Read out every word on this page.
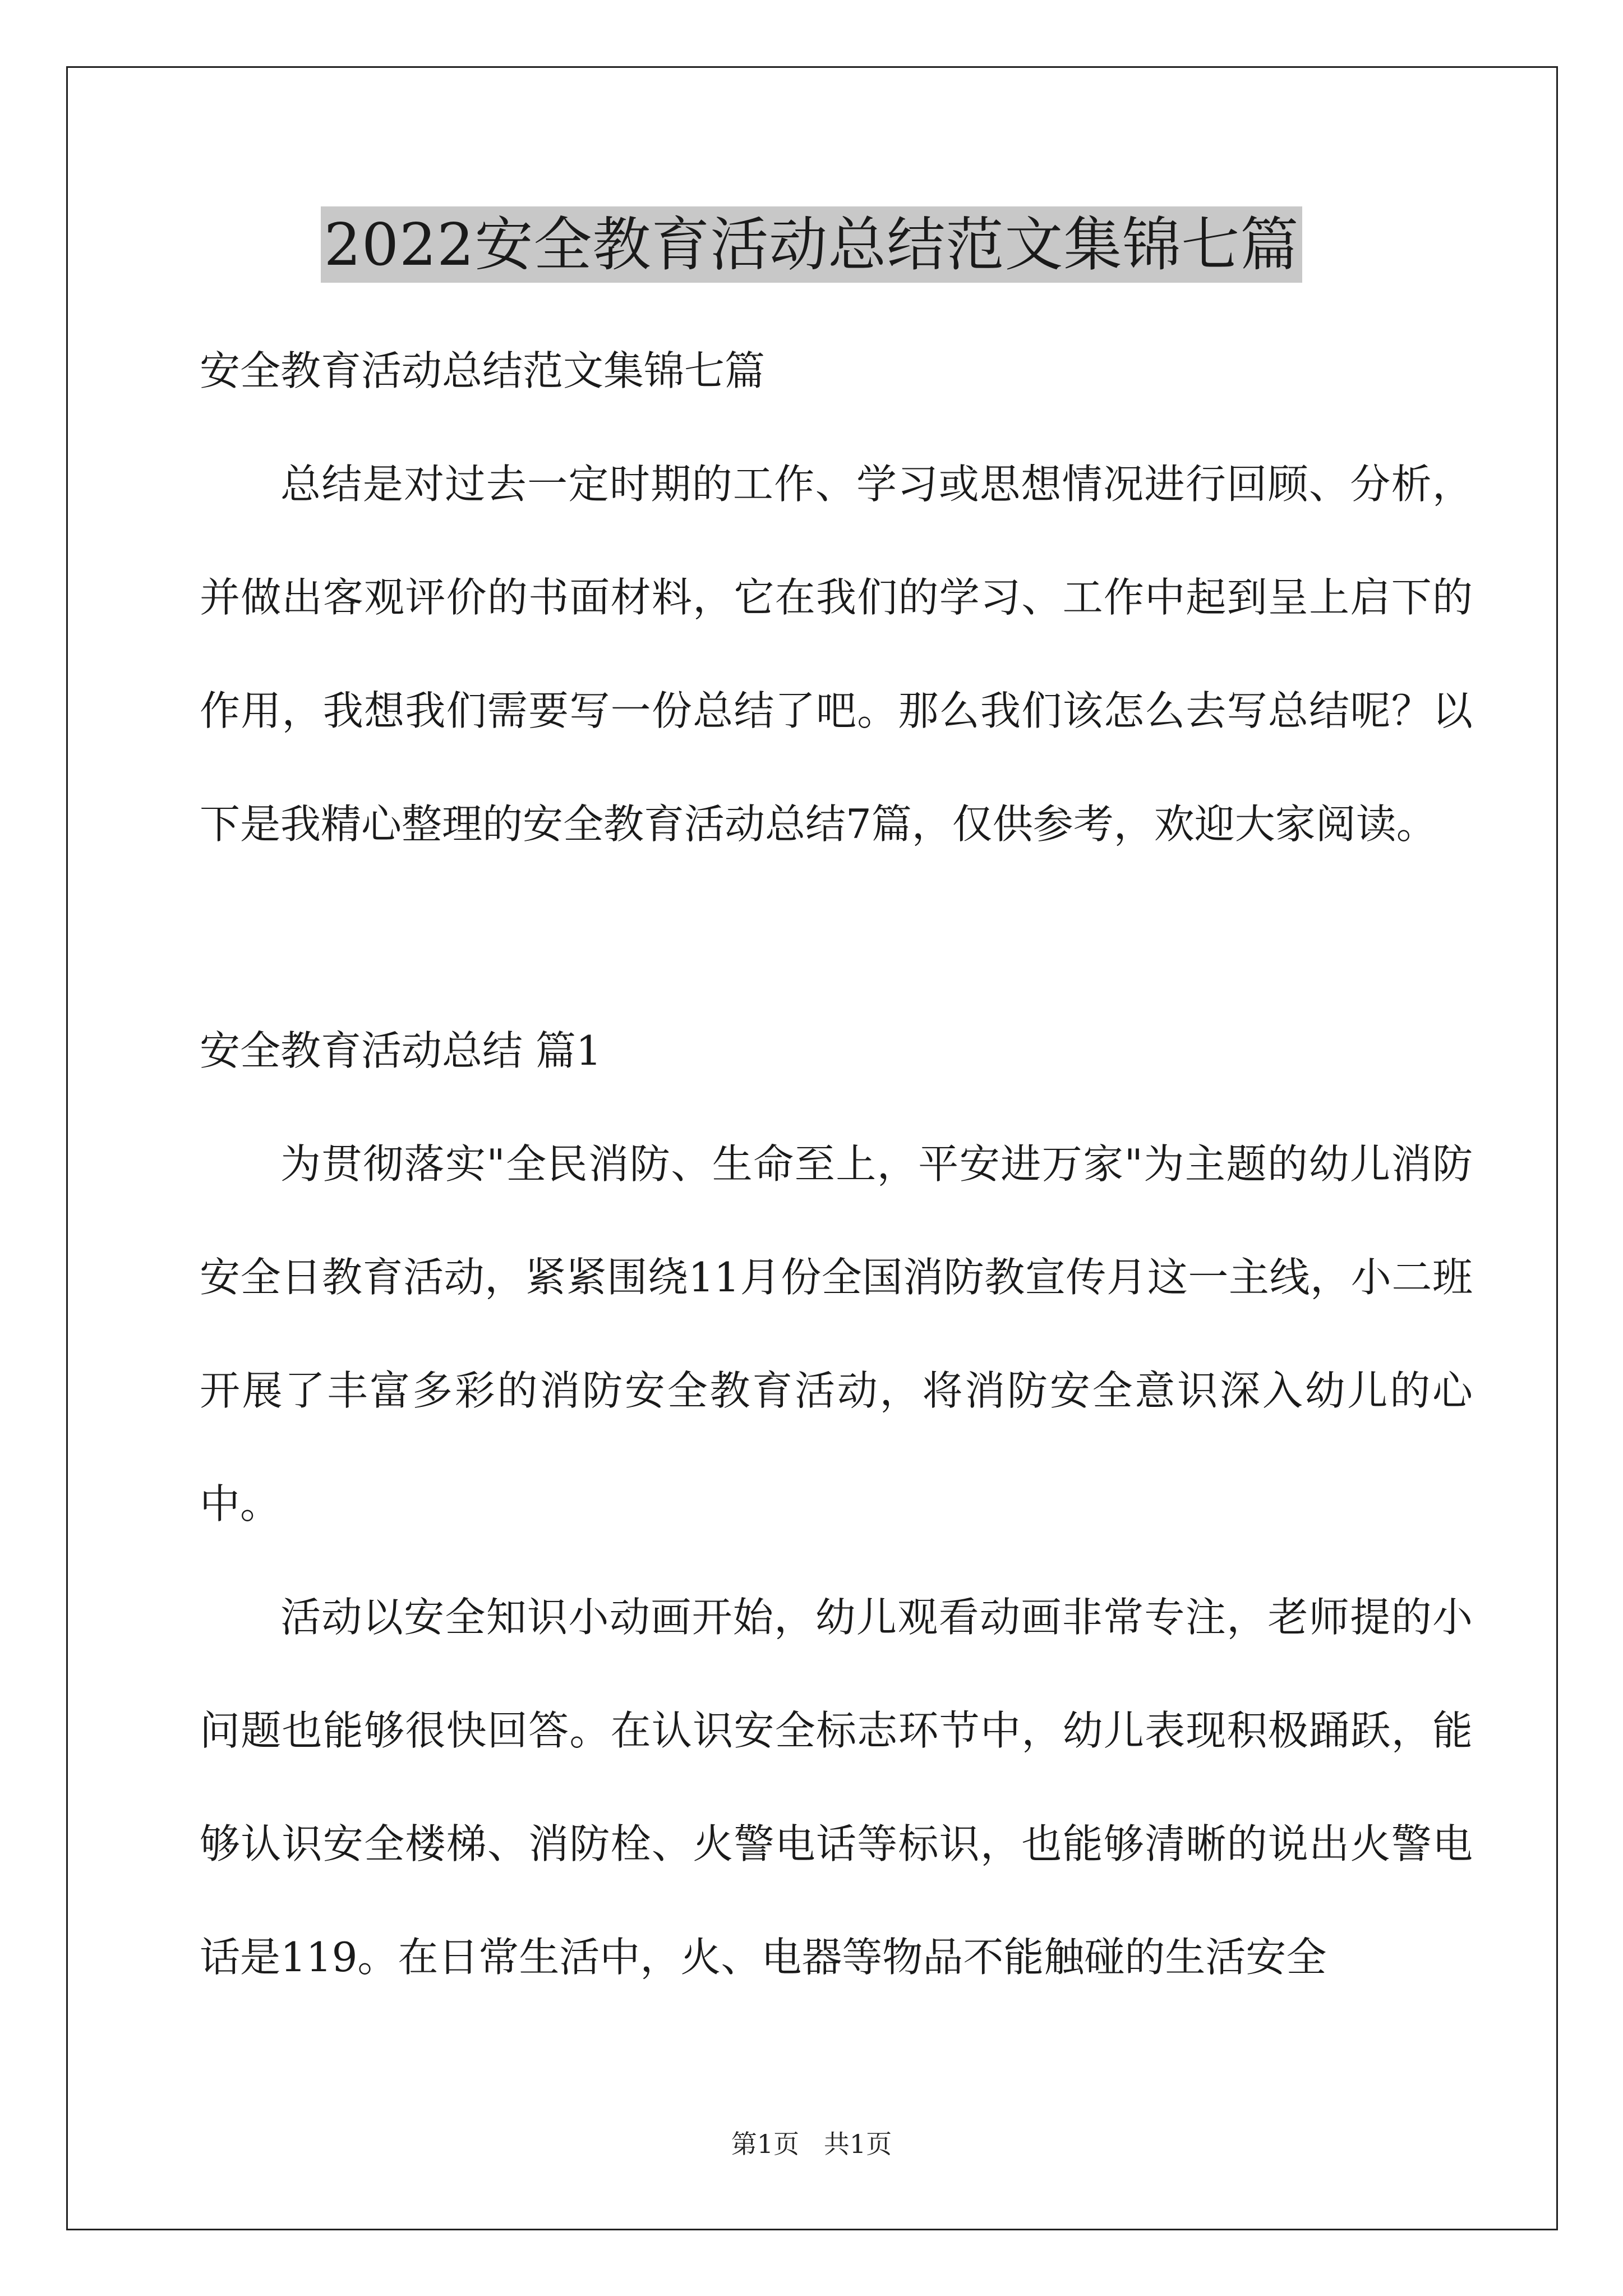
2022安全教育活动总结范文集锦七篇

安全教育活动总结范文集锦七篇

总结是对过去一定时期的工作、学习或思想情况进行回顾、分析，并做出客观评价的书面材料，它在我们的学习、工作中起到呈上启下的作用，我想我们需要写一份总结了吧。那么我们该怎么去写总结呢？以下是我精心整理的安全教育活动总结7篇，仅供参考，欢迎大家阅读。

安全教育活动总结 篇1

为贯彻落实"全民消防、生命至上，平安进万家"为主题的幼儿消防安全日教育活动，紧紧围绕11月份全国消防教宣传月这一主线，小二班开展了丰富多彩的消防安全教育活动，将消防安全意识深入幼儿的心中。

活动以安全知识小动画开始，幼儿观看动画非常专注，老师提的小问题也能够很快回答。在认识安全标志环节中，幼儿表现积极踊跃，能够认识安全楼梯、消防栓、火警电话等标识，也能够清晰的说出火警电话是119。在日常生活中，火、电器等物品不能触碰的生活安全

第1页   共1页
